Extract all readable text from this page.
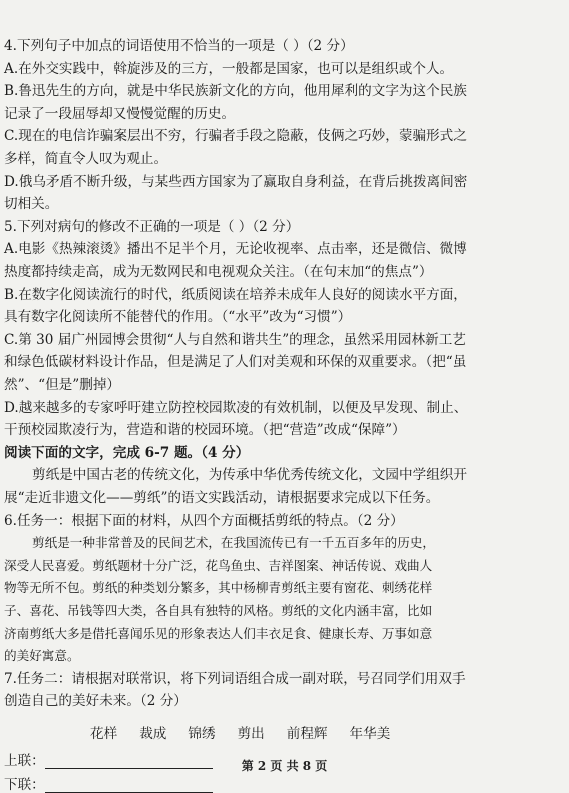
4.下列句子中加点的词语使用不恰当的一项是（ ）（2 分）
A.在外交实践中，斡旋涉及的三方，一般都是国家，也可以是组织或个人。
B.鲁迅先生的方向，就是中华民族新文化的方向，他用犀利的文字为这个民族
记录了一段屈辱却又慢慢觉醒的历史。
C.现在的电信诈骗案层出不穷，行骗者手段之隐蔽，伎俩之巧妙，蒙骗形式之
多样，简直令人叹为观止。
D.俄乌矛盾不断升级，与某些西方国家为了赢取自身利益，在背后挑拨离间密
切相关。
5.下列对病句的修改不正确的一项是（ ）（2 分）
A.电影《热辣滚烫》播出不足半个月，无论收视率、点击率，还是微信、微博
热度都持续走高，成为无数网民和电视观众关注。（在句末加“的焦点”）
B.在数字化阅读流行的时代，纸质阅读在培养未成年人良好的阅读水平方面，
具有数字化阅读所不能替代的作用。（“水平”改为“习惯”）
C.第 30 届广州园博会贯彻“人与自然和谐共生”的理念，虽然采用园林新工艺
和绿色低碳材料设计作品，但是满足了人们对美观和环保的双重要求。（把“虽
然”、“但是”删掉）
D.越来越多的专家呼吁建立防控校园欺凌的有效机制，以便及早发现、制止、
干预校园欺凌行为，营造和谐的校园环境。（把“营造”改成“保障”）
阅读下面的文字，完成 6-7 题。（4 分）
剪纸是中国古老的传统文化，为传承中华优秀传统文化，文园中学组织开
展“走近非遗文化——剪纸”的语文实践活动，请根据要求完成以下任务。
6.任务一：根据下面的材料，从四个方面概括剪纸的特点。（2 分）
剪纸是一种非常普及的民间艺术，在我国流传已有一千五百多年的历史，
深受人民喜爱。剪纸题材十分广泛，花鸟鱼虫、吉祥图案、神话传说、戏曲人
物等无所不包。剪纸的种类划分繁多，其中杨柳青剪纸主要有窗花、刺绣花样
子、喜花、吊钱等四大类，各自具有独特的风格。剪纸的文化内涵丰富，比如
济南剪纸大多是借托喜闻乐见的形象表达人们丰衣足食、健康长寿、万事如意
的美好寓意。
7.任务二：请根据对联常识，将下列词语组合成一副对联，号召同学们用双手
创造自己的美好未来。（2 分）
花样 裁成 锦绣 剪出 前程辉 年华美
上联：
下联：
第 2 页 共 8 页
